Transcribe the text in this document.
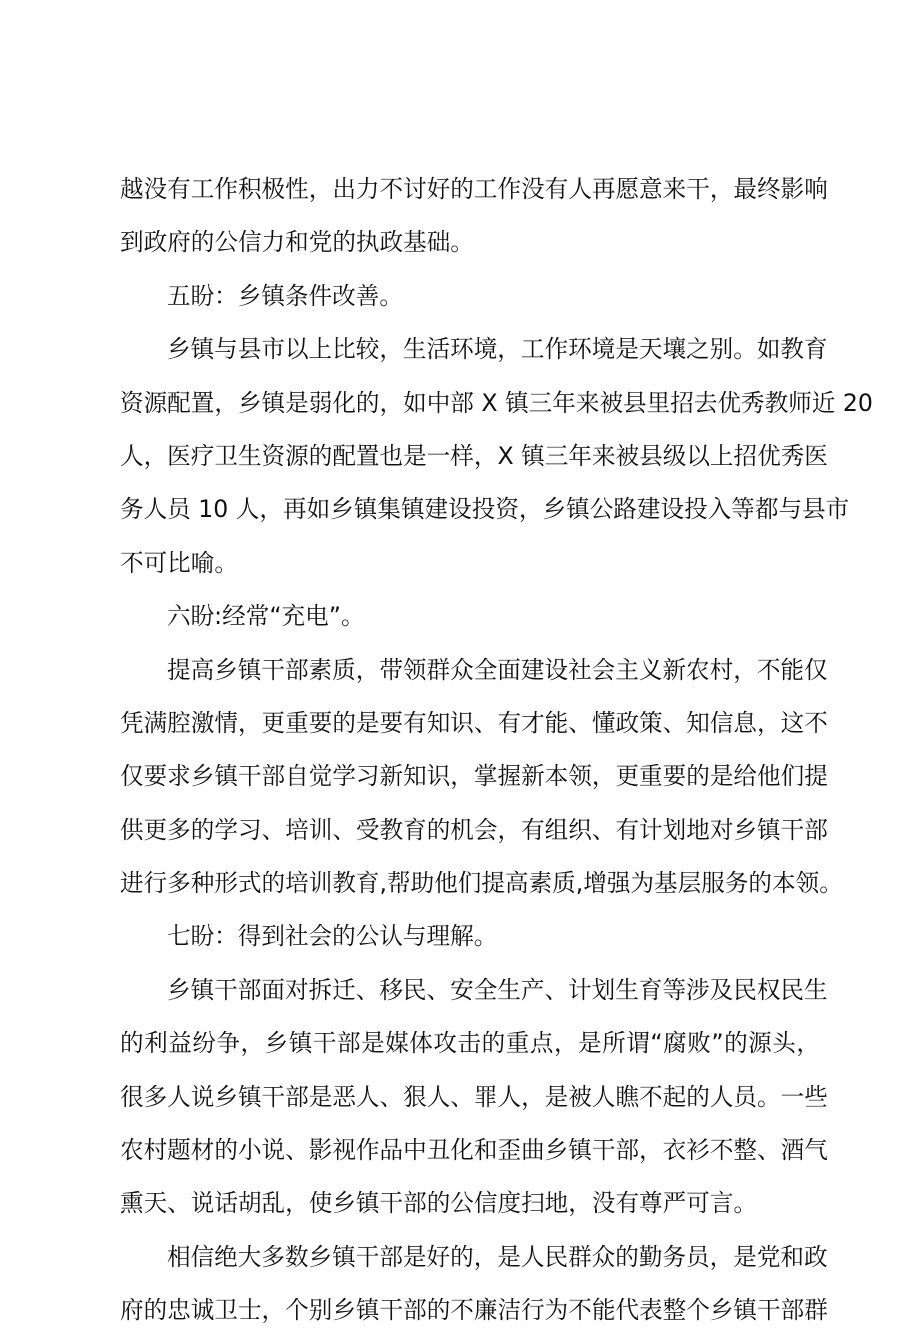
越没有工作积极性，出力不讨好的工作没有人再愿意来干，最终影响
到政府的公信力和党的执政基础。
五盼：乡镇条件改善。
乡镇与县市以上比较，生活环境，工作环境是天壤之别。如教育
资源配置，乡镇是弱化的，如中部 X 镇三年来被县里招去优秀教师近 20
人，医疗卫生资源的配置也是一样，X 镇三年来被县级以上招优秀医
务人员 10 人，再如乡镇集镇建设投资，乡镇公路建设投入等都与县市
不可比喻。
六盼:经常“充电”。
提高乡镇干部素质，带领群众全面建设社会主义新农村，不能仅
凭满腔激情，更重要的是要有知识、有才能、懂政策、知信息，这不
仅要求乡镇干部自觉学习新知识，掌握新本领，更重要的是给他们提
供更多的学习、培训、受教育的机会，有组织、有计划地对乡镇干部
进行多种形式的培训教育,帮助他们提高素质,增强为基层服务的本领。
七盼：得到社会的公认与理解。
乡镇干部面对拆迁、移民、安全生产、计划生育等涉及民权民生
的利益纷争，乡镇干部是媒体攻击的重点，是所谓“腐败”的源头，
很多人说乡镇干部是恶人、狠人、罪人，是被人瞧不起的人员。一些
农村题材的小说、影视作品中丑化和歪曲乡镇干部，衣衫不整、酒气
熏天、说话胡乱，使乡镇干部的公信度扫地，没有尊严可言。
相信绝大多数乡镇干部是好的，是人民群众的勤务员，是党和政
府的忠诚卫士，个别乡镇干部的不廉洁行为不能代表整个乡镇干部群
